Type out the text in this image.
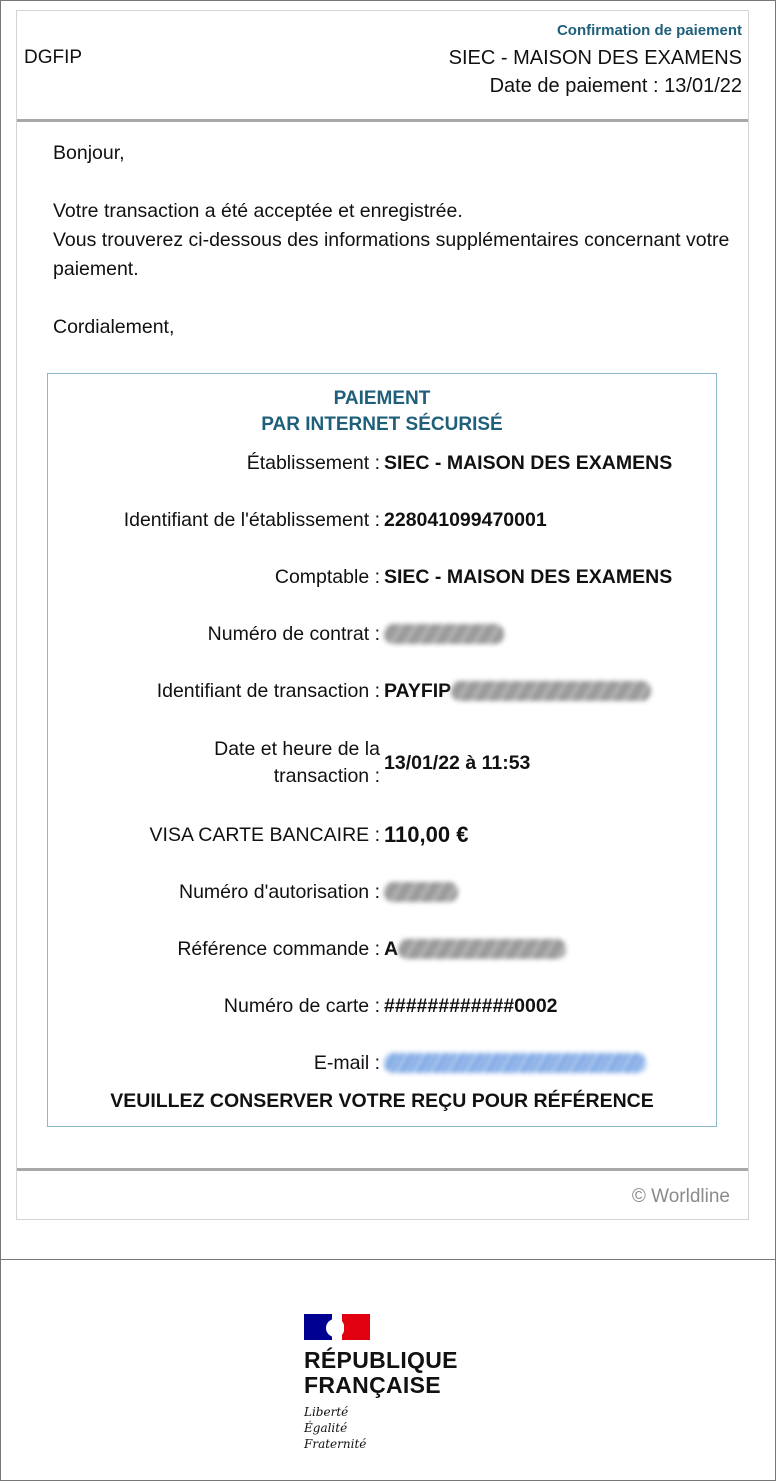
DGFIP
Confirmation de paiement
SIEC - MAISON DES EXAMENS
Date de paiement : 13/01/22

Bonjour,

Votre transaction a été acceptée et enregistrée.
Vous trouverez ci-dessous des informations supplémentaires concernant votre paiement.

Cordialement,

PAIEMENT
PAR INTERNET SÉCURISÉ
Établissement : SIEC - MAISON DES EXAMENS
Identifiant de l'établissement : 228041099470001
Comptable : SIEC - MAISON DES EXAMENS
Numéro de contrat :
Identifiant de transaction : PAYFIP
Date et heure de la transaction :
13/01/22 à 11:53
VISA CARTE BANCAIRE : 110,00 €
Numéro d'autorisation :
Référence commande : A
Numéro de carte : ############0002
E-mail :
VEUILLEZ CONSERVER VOTRE REÇU POUR RÉFÉRENCE
© Worldline
RÉPUBLIQUE
FRANÇAISE
Liberté
Égalité
Fraternité
